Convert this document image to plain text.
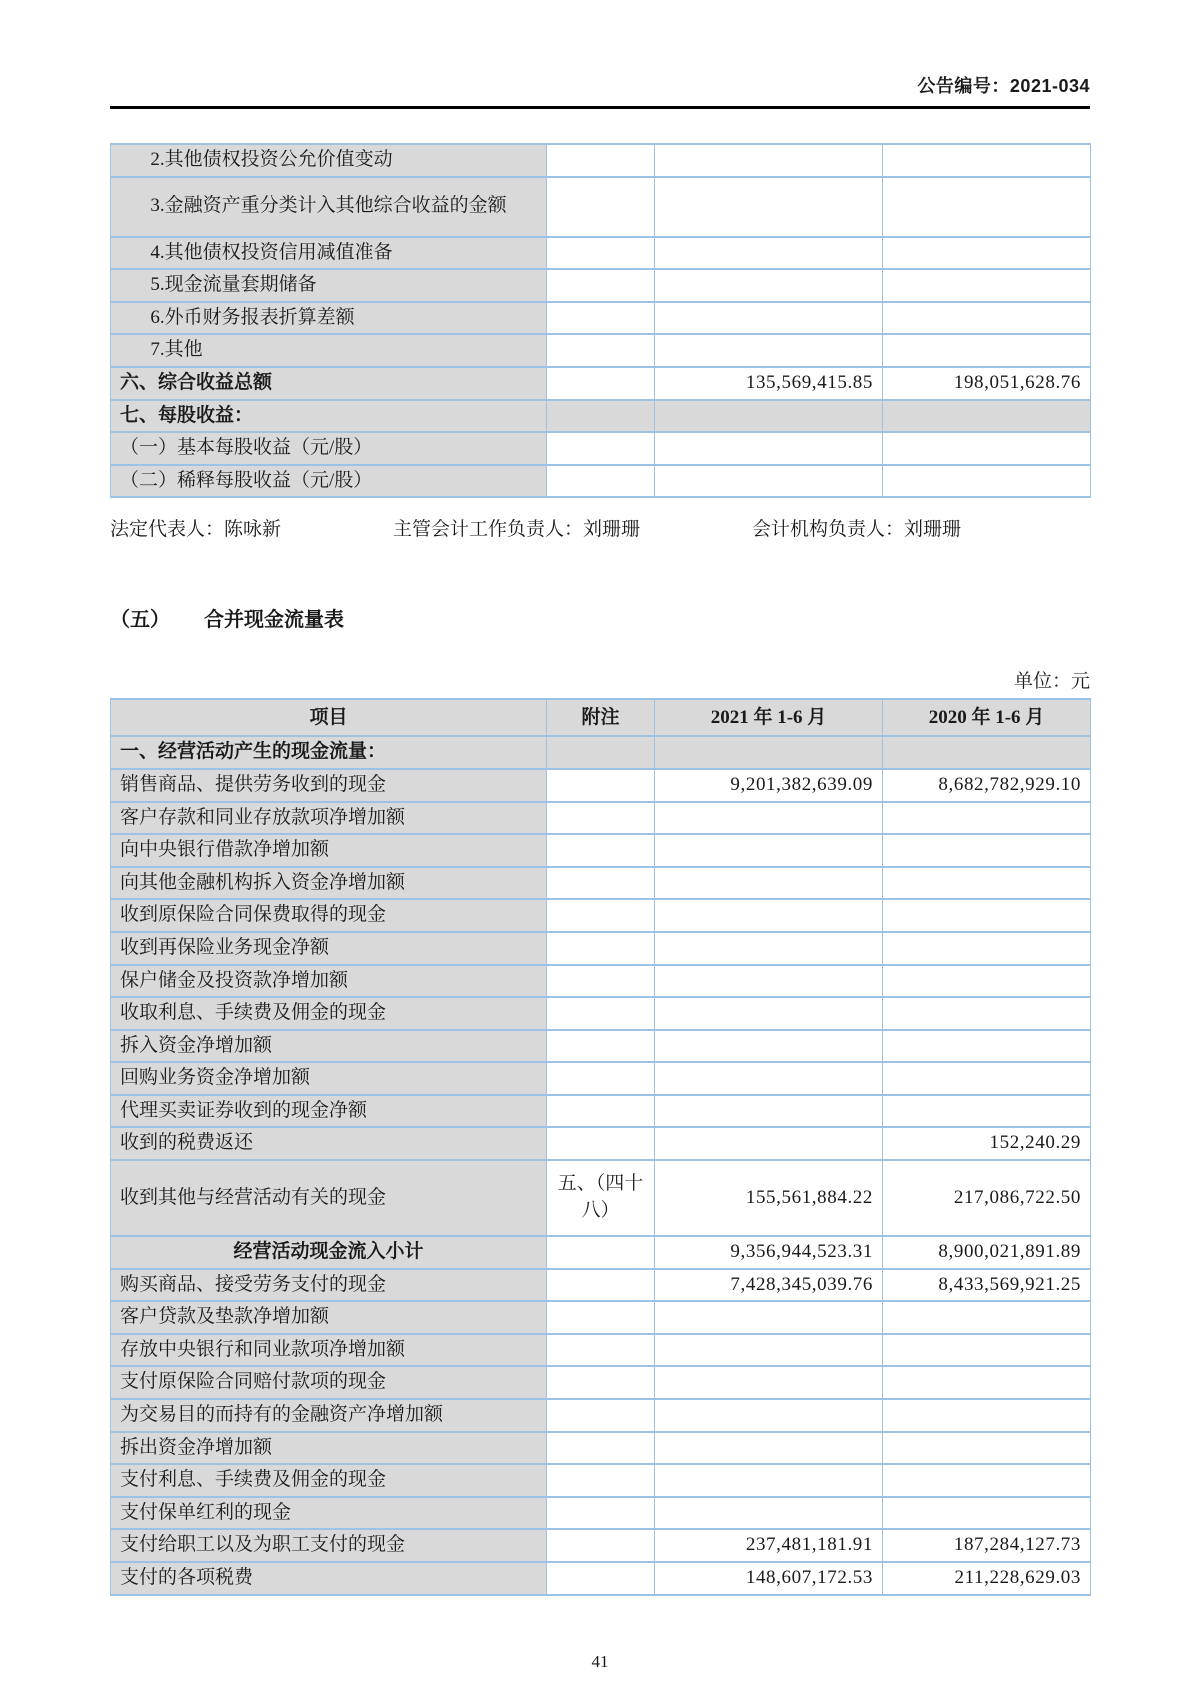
公告编号：2021-034
2.其他债权投资公允价值变动			
3.金融资产重分类计入其他综合收益的金额			
4.其他债权投资信用减值准备			
5.现金流量套期储备			
6.外币财务报表折算差额			
7.其他			
六、综合收益总额		135,569,415.85	198,051,628.76
七、每股收益：			
（一）基本每股收益（元/股）			
（二）稀释每股收益（元/股）			
法定代表人：陈咏新	主管会计工作负责人：刘珊珊	会计机构负责人：刘珊珊
（五） 合并现金流量表
单位：元
项目	附注	2021 年 1-6 月	2020 年 1-6 月
一、经营活动产生的现金流量：			
销售商品、提供劳务收到的现金		9,201,382,639.09	8,682,782,929.10
客户存款和同业存放款项净增加额			
向中央银行借款净增加额			
向其他金融机构拆入资金净增加额			
收到原保险合同保费取得的现金			
收到再保险业务现金净额			
保户储金及投资款净增加额			
收取利息、手续费及佣金的现金			
拆入资金净增加额			
回购业务资金净增加额			
代理买卖证券收到的现金净额			
收到的税费返还			152,240.29
收到其他与经营活动有关的现金	五、（四十八）	155,561,884.22	217,086,722.50
经营活动现金流入小计		9,356,944,523.31	8,900,021,891.89
购买商品、接受劳务支付的现金		7,428,345,039.76	8,433,569,921.25
客户贷款及垫款净增加额			
存放中央银行和同业款项净增加额			
支付原保险合同赔付款项的现金			
为交易目的而持有的金融资产净增加额			
拆出资金净增加额			
支付利息、手续费及佣金的现金			
支付保单红利的现金			
支付给职工以及为职工支付的现金		237,481,181.91	187,284,127.73
支付的各项税费		148,607,172.53	211,228,629.03
41
